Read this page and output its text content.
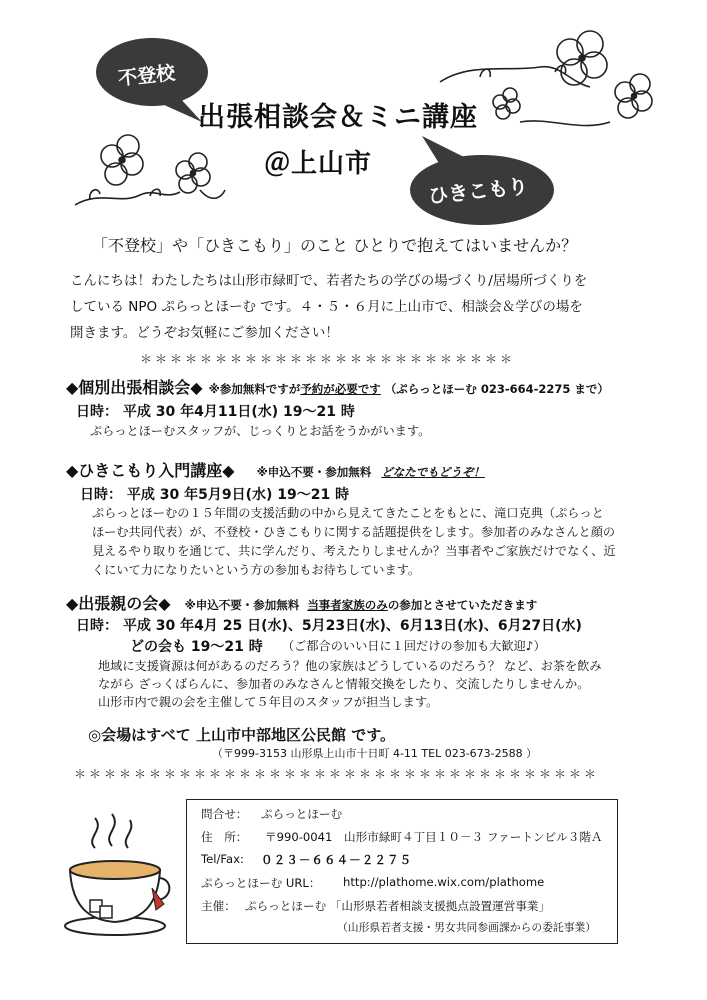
不登校
ひきこもり
出張相談会＆ミニ講座
＠上山市
「不登校」や「ひきこもり」のこと ひとりで抱えてはいませんか？
こんにちは！わたしたちは山形市緑町で、若者たちの学びの場づくり/居場所づくりを
している NPO ぷらっとほーむ です。４・５・６月に上山市で、相談会＆学びの場を
開きます。どうぞお気軽にご参加ください！
＊＊＊＊＊＊＊＊＊＊＊＊＊＊＊＊＊＊＊＊＊＊＊＊＊
◆個別出張相談会◆ ※参加無料ですが予約が必要です （ぷらっとほーむ 023-664-2275 まで）
日時： 平成 30 年4月11日(水) 19～21 時
ぷらっとほーむスタッフが、じっくりとお話をうかがいます。
◆ひきこもり入門講座◆ ※申込不要・参加無料 どなたでもどうぞ！
日時： 平成 30 年5月9日(水) 19～21 時
ぷらっとほーむの１５年間の支援活動の中から見えてきたことをもとに、滝口克典（ぷらっと
ほーむ共同代表）が、不登校・ひきこもりに関する話題提供をします。参加者のみなさんと顔の
見えるやり取りを通じて、共に学んだり、考えたりしませんか？当事者やご家族だけでなく、近
くにいて力になりたいという方の参加もお待ちしています。
◆出張親の会◆ ※申込不要・参加無料 当事者家族のみの参加とさせていただきます
日時： 平成 30 年4月 25 日(水)、5月23日(水)、6月13日(水)、6月27日(水)
どの会も 19～21 時 （ご都合のいい日に１回だけの参加も大歓迎♪）
地域に支援資源は何があるのだろう？他の家族はどうしているのだろう？ など、お茶を飲み
ながら ざっくばらんに、参加者のみなさんと情報交換をしたり、交流したりしませんか。
山形市内で親の会を主催して５年目のスタッフが担当します。
◎会場はすべて 上山市中部地区公民館 です。
（〒999-3153 山形県上山市十日町 4-11 TEL 023-673-2588 ）
＊＊＊＊＊＊＊＊＊＊＊＊＊＊＊＊＊＊＊＊＊＊＊＊＊＊＊＊＊＊＊＊＊＊＊
問合せ： ぷらっとほーむ
住　所： 〒990-0041　山形市緑町４丁目１０－３ ファートンビル３階Ａ
Tel/Fax: ０２３－６６４－２２７５
ぷらっとほーむ URL： http://plathome.wix.com/plathome
主催： ぷらっとほーむ 「山形県若者相談支援拠点設置運営事業」
（山形県若者支援・男女共同参画課からの委託事業）
